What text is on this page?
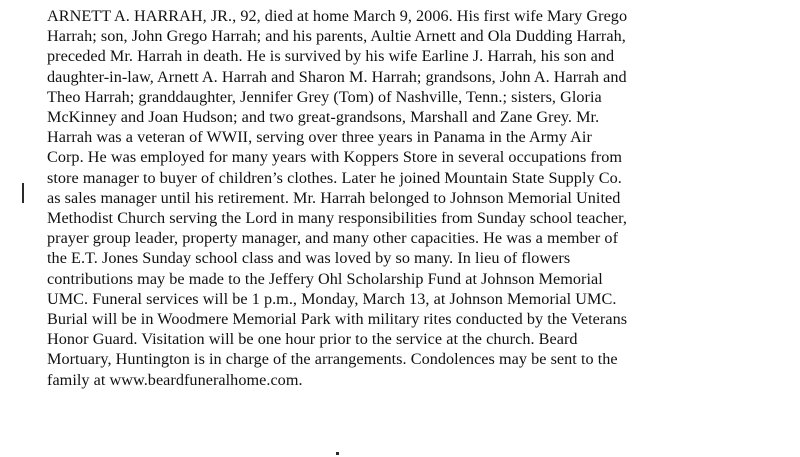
ARNETT A. HARRAH, JR., 92, died at home March 9, 2006. His first wife Mary Grego
Harrah; son, John Grego Harrah; and his parents, Aultie Arnett and Ola Dudding Harrah,
preceded Mr. Harrah in death. He is survived by his wife Earline J. Harrah, his son and
daughter-in-law, Arnett A. Harrah and Sharon M. Harrah; grandsons, John A. Harrah and
Theo Harrah; granddaughter, Jennifer Grey (Tom) of Nashville, Tenn.; sisters, Gloria
McKinney and Joan Hudson; and two great-grandsons, Marshall and Zane Grey. Mr.
Harrah was a veteran of WWII, serving over three years in Panama in the Army Air
Corp. He was employed for many years with Koppers Store in several occupations from
store manager to buyer of children’s clothes. Later he joined Mountain State Supply Co.
as sales manager until his retirement. Mr. Harrah belonged to Johnson Memorial United
Methodist Church serving the Lord in many responsibilities from Sunday school teacher,
prayer group leader, property manager, and many other capacities. He was a member of
the E.T. Jones Sunday school class and was loved by so many. In lieu of flowers
contributions may be made to the Jeffery Ohl Scholarship Fund at Johnson Memorial
UMC. Funeral services will be 1 p.m., Monday, March 13, at Johnson Memorial UMC.
Burial will be in Woodmere Memorial Park with military rites conducted by the Veterans
Honor Guard. Visitation will be one hour prior to the service at the church. Beard
Mortuary, Huntington is in charge of the arrangements. Condolences may be sent to the
family at www.beardfuneralhome.com.
